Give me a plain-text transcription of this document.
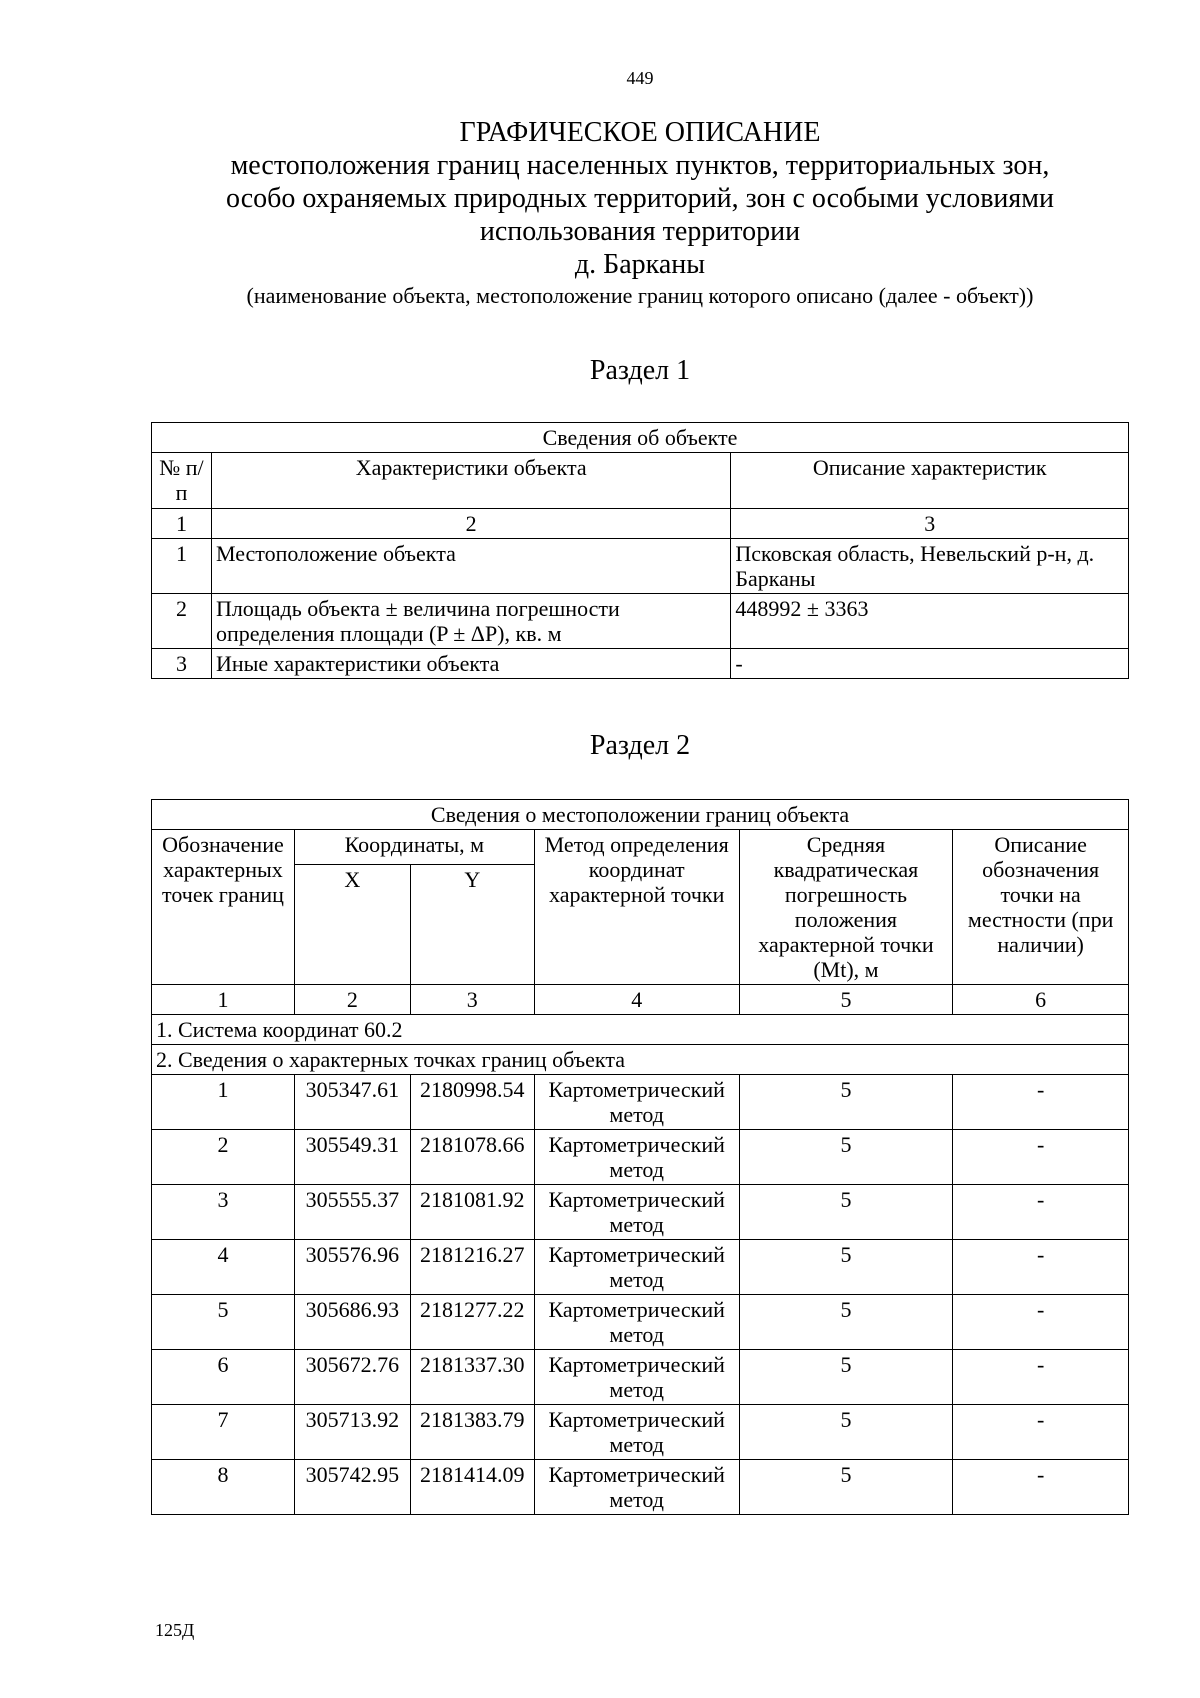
449
ГРАФИЧЕСКОЕ ОПИСАНИЕ
местоположения границ населенных пунктов, территориальных зон,
особо охраняемых природных территорий, зон с особыми условиями
использования территории
д. Барканы
(наименование объекта, местоположение границ которого описано (далее - объект))
Раздел 1
Сведения об объекте		
№ п/п	Характеристики объекта	Описание характеристик
1	2	3
1	Местоположение объекта	Псковская область, Невельский р-н, д. Барканы
2	Площадь объекта ± величина погрешности определения площади (P ± ΔP), кв. м	448992 ± 3363
3	Иные характеристики объекта	-
Раздел 2
Сведения о местоположении границ объекта					
Обозначение характерных точек границ	Координаты, м		Метод определения координат характерной точки	Средняя квадратическая погрешность положения характерной точки (Mt), м	Описание обозначения точки на местности (при наличии)
	X	Y			
1	2	3	4	5	6
1. Система координат 60.2					
2. Сведения о характерных точках границ объекта					
1	305347.61	2180998.54	Картометрический метод	5	-
2	305549.31	2181078.66	Картометрический метод	5	-
3	305555.37	2181081.92	Картометрический метод	5	-
4	305576.96	2181216.27	Картометрический метод	5	-
5	305686.93	2181277.22	Картометрический метод	5	-
6	305672.76	2181337.30	Картометрический метод	5	-
7	305713.92	2181383.79	Картометрический метод	5	-
8	305742.95	2181414.09	Картометрический метод	5	-
125Д
